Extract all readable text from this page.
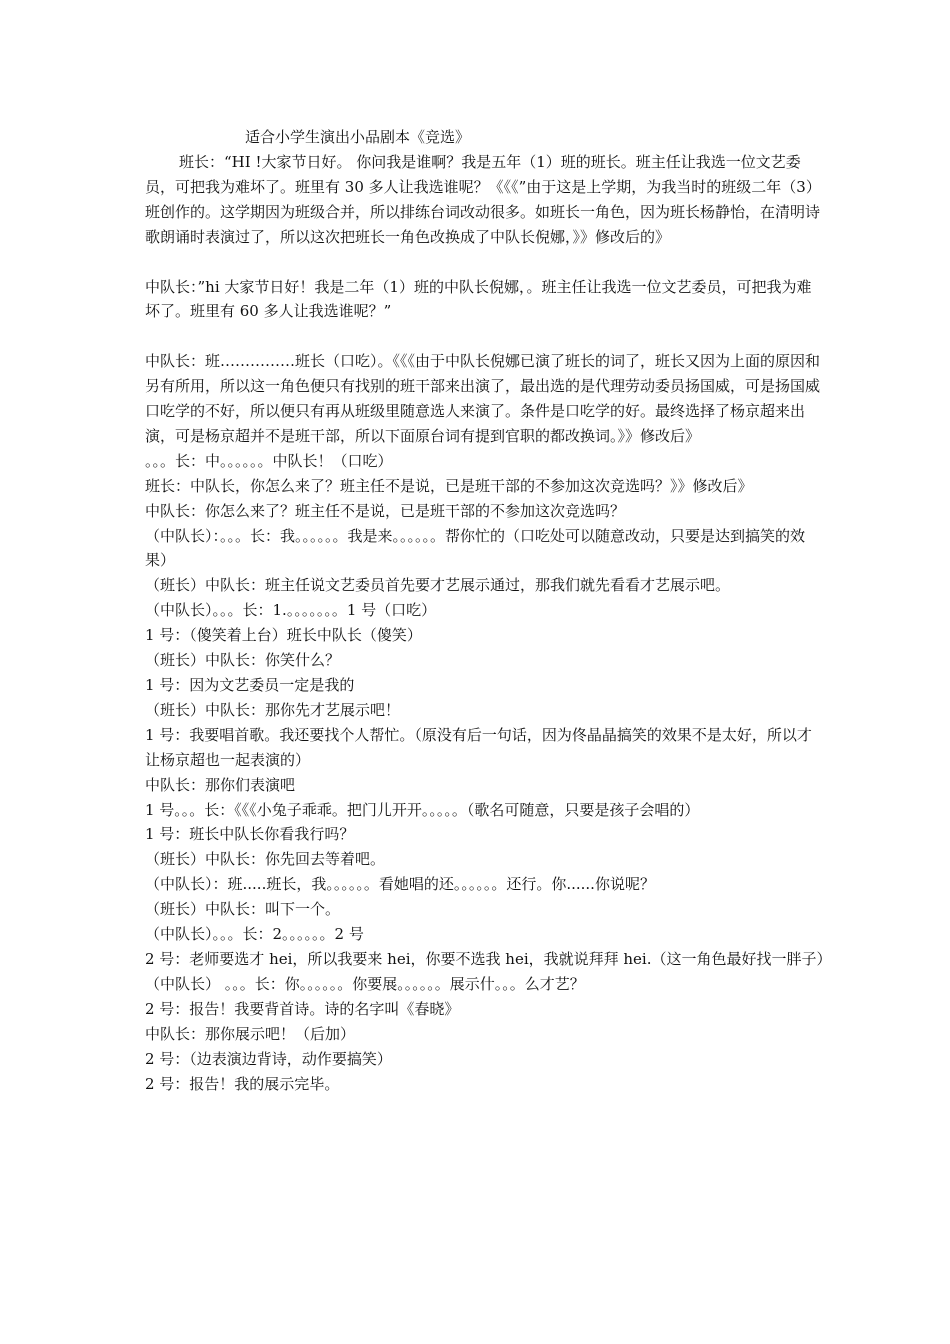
适合小学生演出小品剧本《竞选》

班长：“HI !大家节日好。 你问我是谁啊？我是五年（1）班的班长。班主任让我选一位文艺委员，可把我为难坏了。班里有 30 多人让我选谁呢？《《《”由于这是上学期，为我当时的班级二年（3）班创作的。这学期因为班级合并，所以排练台词改动很多。如班长一角色，因为班长杨静怡，在清明诗歌朗诵时表演过了，所以这次把班长一角色改换成了中队长倪娜，》》修改后的》

中队长：”hi 大家节日好！我是二年（1）班的中队长倪娜，。班主任让我选一位文艺委员，可把我为难坏了。班里有 60 多人让我选谁呢？”

中队长：班……………班长（口吃）。《《《由于中队长倪娜已演了班长的词了，班长又因为上面的原因和另有所用，所以这一角色便只有找别的班干部来出演了，最出选的是代理劳动委员扬国威，可是扬国威口吃学的不好，所以便只有再从班级里随意选人来演了。条件是口吃学的好。最终选择了杨京超来出演，可是杨京超并不是班干部，所以下面原台词有提到官职的都改换词。》》修改后》

。。。长：中。。。。。。中队长！（口吃）

班长：中队长，你怎么来了？班主任不是说，已是班干部的不参加这次竞选吗？》》修改后》

中队长：你怎么来了？班主任不是说，已是班干部的不参加这次竞选吗？

（中队长）：。。。长：我。。。。。。我是来。。。。。。帮你忙的（口吃处可以随意改动，只要是达到搞笑的效果）

（班长）中队长：班主任说文艺委员首先要才艺展示通过，那我们就先看看才艺展示吧。

（中队长）。。。长：1.。。。。。。。1 号（口吃）

1 号：（傻笑着上台）班长中队长（傻笑）

（班长）中队长：你笑什么？

1 号：因为文艺委员一定是我的

（班长）中队长：那你先才艺展示吧！

1 号：我要唱首歌。我还要找个人帮忙。（原没有后一句话，因为佟晶晶搞笑的效果不是太好，所以才让杨京超也一起表演的）

中队长：那你们表演吧

1 号。。。长：《《《小兔子乖乖。把门儿开开。。。。。（歌名可随意，只要是孩子会唱的）

1 号：班长中队长你看我行吗？

（班长）中队长：你先回去等着吧。

（中队长）：班.....班长，我。。。。。。看她唱的还。。。。。。还行。你......你说呢？

（班长）中队长：叫下一个。

（中队长）。。。长：2。。。。。。2 号

2 号：老师要选才 hei，所以我要来 hei，你要不选我 hei，我就说拜拜 hei.（这一角色最好找一胖子）

（中队长） 。。。长：你。。。。。。你要展。。。。。。展示什。。。么才艺？

2 号：报告！我要背首诗。诗的名字叫《春晓》

中队长：那你展示吧！（后加）

2 号：（边表演边背诗，动作要搞笑）

2 号：报告！我的展示完毕。
